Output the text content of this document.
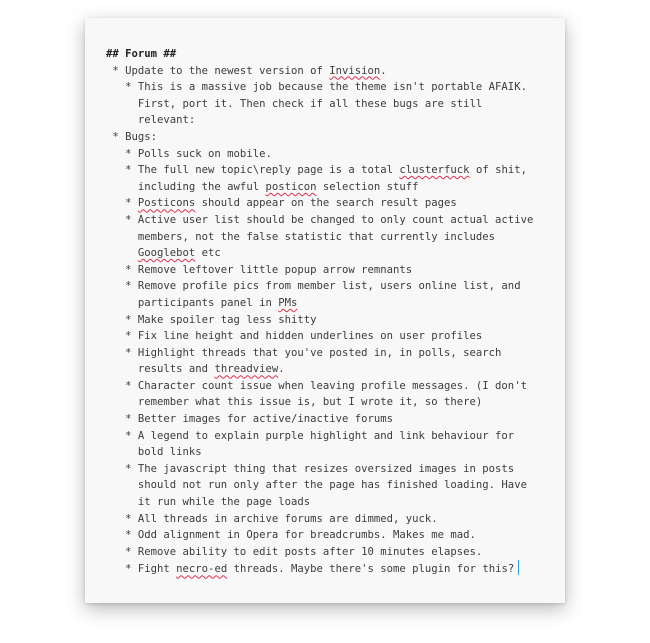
## Forum ##
* Update to the newest version of Invision.
* This is a massive job because the theme isn't portable AFAIK.
First, port it. Then check if all these bugs are still
relevant:
* Bugs:
* Polls suck on mobile.
* The full new topic\reply page is a total clusterfuck of shit,
including the awful posticon selection stuff
* Posticons should appear on the search result pages
* Active user list should be changed to only count actual active
members, not the false statistic that currently includes
Googlebot etc
* Remove leftover little popup arrow remnants
* Remove profile pics from member list, users online list, and
participants panel in PMs
* Make spoiler tag less shitty
* Fix line height and hidden underlines on user profiles
* Highlight threads that you've posted in, in polls, search
results and threadview.
* Character count issue when leaving profile messages. (I don't
remember what this issue is, but I wrote it, so there)
* Better images for active/inactive forums
* A legend to explain purple highlight and link behaviour for
bold links
* The javascript thing that resizes oversized images in posts
should not run only after the page has finished loading. Have
it run while the page loads
* All threads in archive forums are dimmed, yuck.
* Odd alignment in Opera for breadcrumbs. Makes me mad.
* Remove ability to edit posts after 10 minutes elapses.
* Fight necro-ed threads. Maybe there's some plugin for this?
